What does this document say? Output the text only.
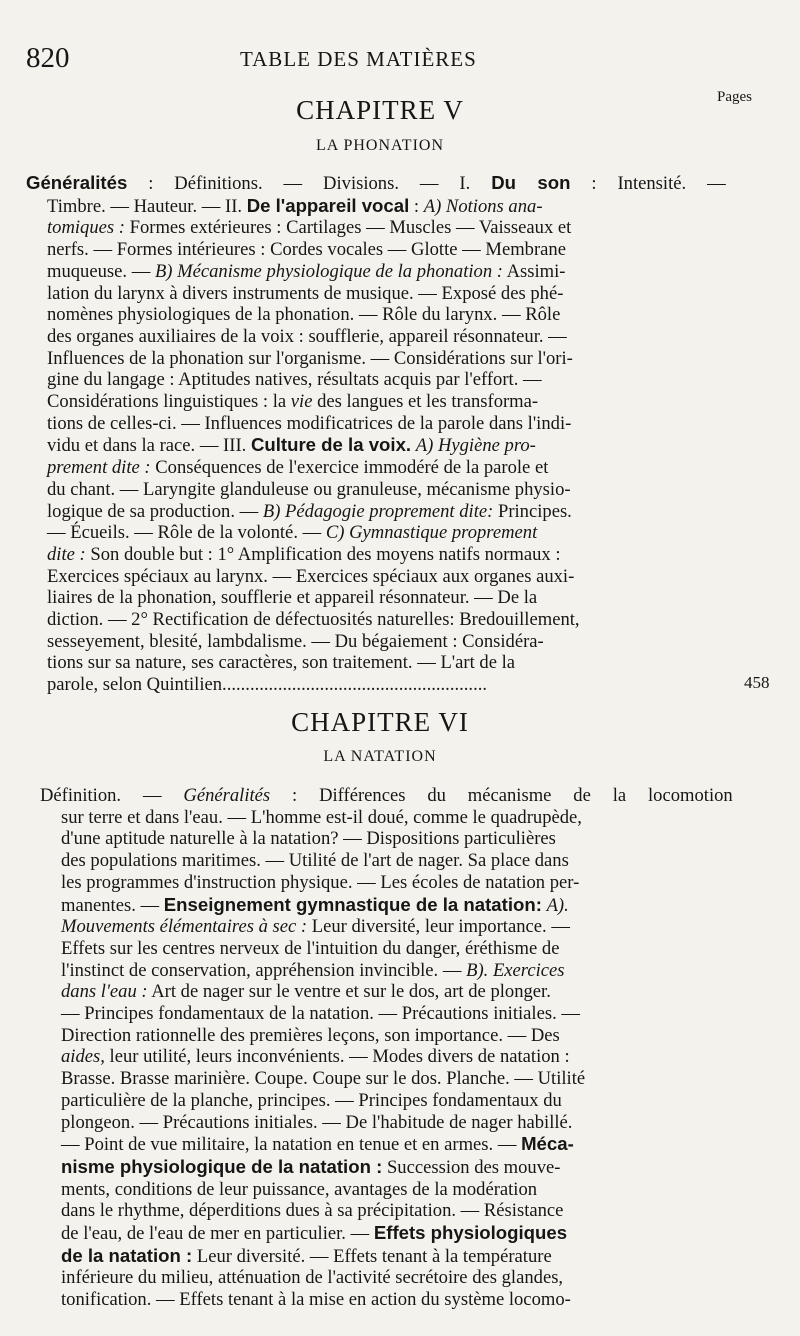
820	TABLE DES MATIÈRES
Pages
CHAPITRE V
LA PHONATION
Généralités : Définitions. — Divisions. — I. Du son : Intensité. —
Timbre. — Hauteur. — II. De l'appareil vocal : A) Notions ana-
tomiques : Formes extérieures : Cartilages — Muscles — Vaisseaux et
nerfs. — Formes intérieures : Cordes vocales — Glotte — Membrane
muqueuse. — B) Mécanisme physiologique de la phonation : Assimi-
lation du larynx à divers instruments de musique. — Exposé des phé-
nomènes physiologiques de la phonation. — Rôle du larynx. — Rôle
des organes auxiliaires de la voix : soufflerie, appareil résonnateur. —
Influences de la phonation sur l'organisme. — Considérations sur l'ori-
gine du langage : Aptitudes natives, résultats acquis par l'effort. —
Considérations linguistiques : la vie des langues et les transforma-
tions de celles-ci. — Influences modificatrices de la parole dans l'indi-
vidu et dans la race. — III. Culture de la voix. A) Hygiène pro-
prement dite : Conséquences de l'exercice immodéré de la parole et
du chant. — Laryngite glanduleuse ou granuleuse, mécanisme physio-
logique de sa production. — B) Pédagogie proprement dite: Principes.
— Écueils. — Rôle de la volonté. — C) Gymnastique proprement
dite : Son double but : 1° Amplification des moyens natifs normaux :
Exercices spéciaux au larynx. — Exercices spéciaux aux organes auxi-
liaires de la phonation, soufflerie et appareil résonnateur. — De la
diction. — 2° Rectification de défectuosités naturelles: Bredouillement,
sesseyement, blesité, lambdalisme. — Du bégaiement : Considéra-
tions sur sa nature, ses caractères, son traitement. — L'art de la
parole, selon Quintilien.........................................................	458
CHAPITRE VI
LA NATATION
Définition. — Généralités : Différences du mécanisme de la locomotion
sur terre et dans l'eau. — L'homme est-il doué, comme le quadrupède,
d'une aptitude naturelle à la natation? — Dispositions particulières
des populations maritimes. — Utilité de l'art de nager. Sa place dans
les programmes d'instruction physique. — Les écoles de natation per-
manentes. — Enseignement gymnastique de la natation: A).
Mouvements élémentaires à sec : Leur diversité, leur importance. —
Effets sur les centres nerveux de l'intuition du danger, éréthisme de
l'instinct de conservation, appréhension invincible. — B). Exercices
dans l'eau : Art de nager sur le ventre et sur le dos, art de plonger.
— Principes fondamentaux de la natation. — Précautions initiales. —
Direction rationnelle des premières leçons, son importance. — Des
aides, leur utilité, leurs inconvénients. — Modes divers de natation :
Brasse. Brasse marinière. Coupe. Coupe sur le dos. Planche. — Utilité
particulière de la planche, principes. — Principes fondamentaux du
plongeon. — Précautions initiales. — De l'habitude de nager habillé.
— Point de vue militaire, la natation en tenue et en armes. — Méca-
nisme physiologique de la natation : Succession des mouve-
ments, conditions de leur puissance, avantages de la modération
dans le rhythme, déperditions dues à sa précipitation. — Résistance
de l'eau, de l'eau de mer en particulier. — Effets physiologiques
de la natation : Leur diversité. — Effets tenant à la température
inférieure du milieu, atténuation de l'activité secrétoire des glandes,
tonification. — Effets tenant à la mise en action du système locomo-
